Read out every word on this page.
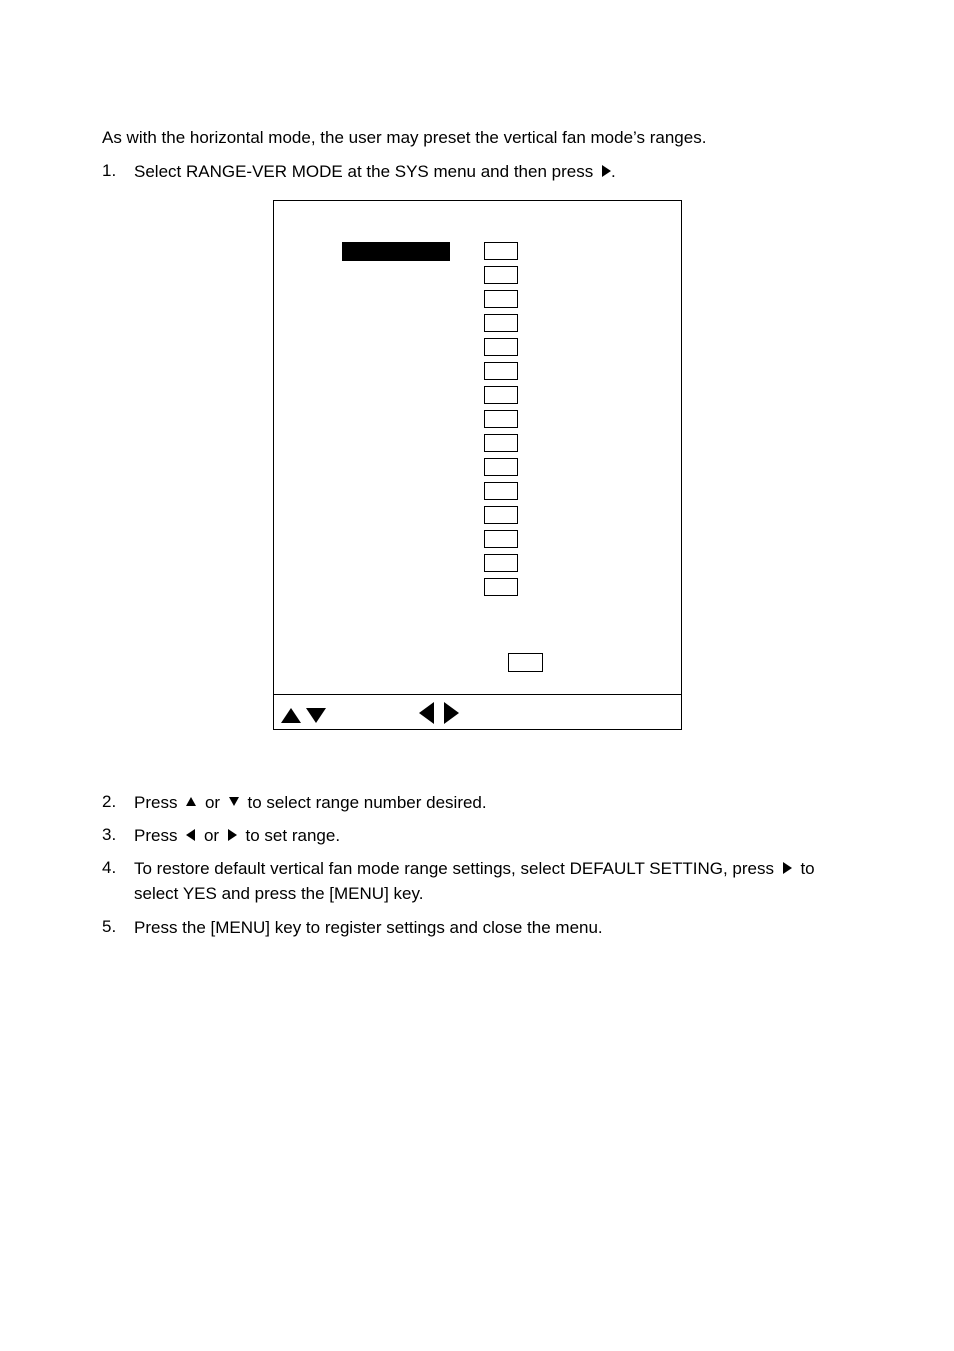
As with the horizontal mode, the user may preset the vertical fan mode’s ranges.
1. Select RANGE-VER MODE at the SYS menu and then press .
2. Press or to select range number desired.
3. Press or to set range.
4. To restore default vertical fan mode range settings, select DEFAULT SETTING, press to
select YES and press the [MENU] key.
5. Press the [MENU] key to register settings and close the menu.
